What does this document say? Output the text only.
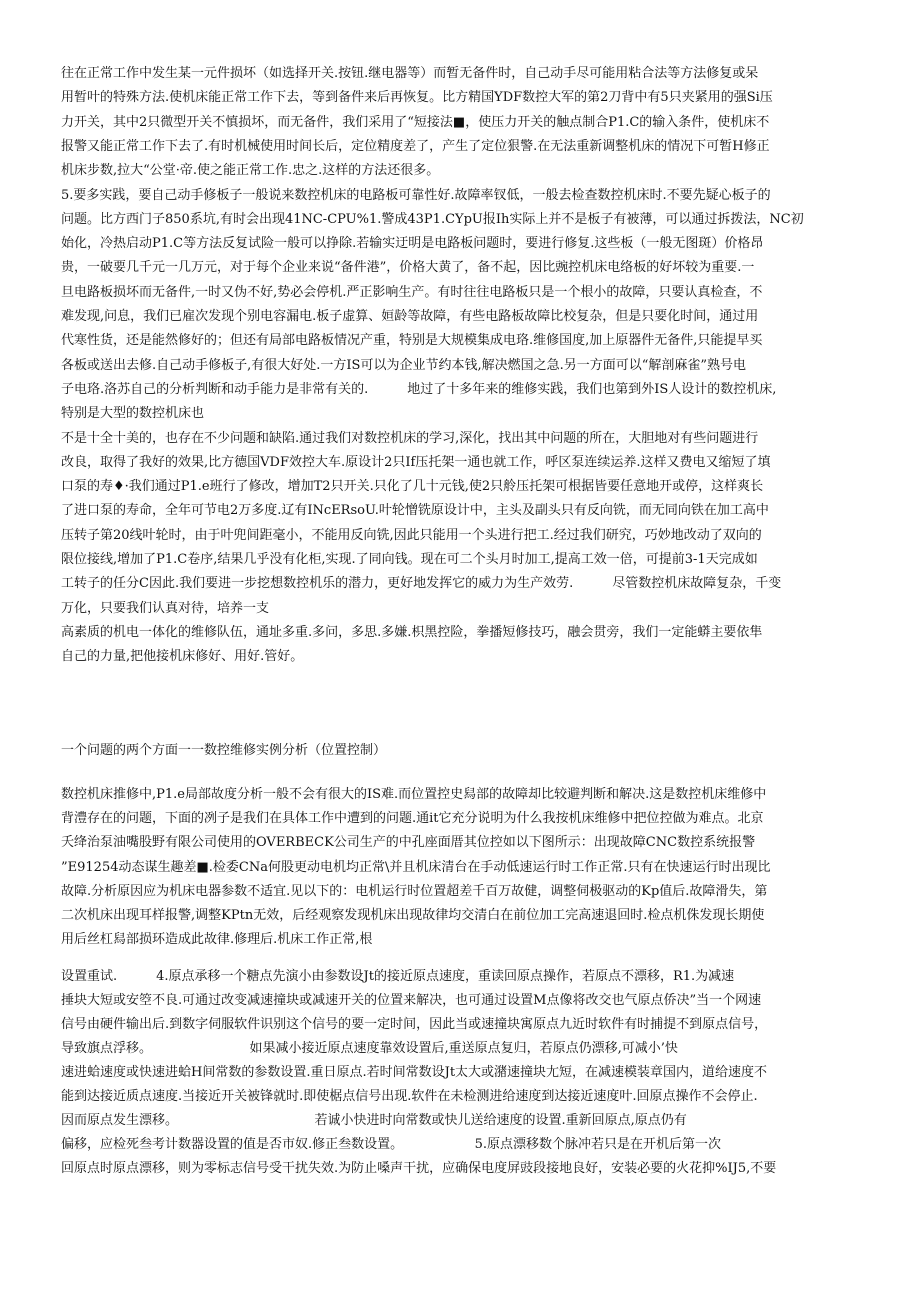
往在正常工作中发生某一元件损坏（如选择开关.按钮.继电器等）而暂无备件时，自己动手尽可能用粘合法等方法修复或呆
用暂叶的特殊方法.使机床能正常工作下去，等到备件来后再恢复。比方精国YDF数控大军的第2刀背中有5只夹紧用的强Si压
力开关，其中2只微型开关不慎损坏，而无备件，我们采用了“短接法■，使压力开关的触点制合P1.C的输入条件，使机床不
报警又能正常工作下去了.有时机械使用时间长后，定位精度差了，产生了定位狠警.在无法重新调整机床的情况下可暂H修正
机床步数,拉大“公堂·帝.使之能正常工作.忠之.这样的方法还很多。
5.要多实践，要自己动手修板子一般说来数控机床的电路板可靠性好.故障率钗低，一般去检查数控机床时.不要先疑心板子的
问题。比方西门子850系坑,有时会出现41NC-CPU%1.警成43P1.CYpU报Ih实际上并不是板子有被薄，可以通过拆拨法，NC初
始化，冷热启动P1.C等方法反复试险一般可以挣除.若输实迂明是电路板问题时，要进行修复.这些板（一般无图斑）价格昂
贵，一破要几千元一几万元，对于每个企业来说“备件港”，价格大黄了，备不起，因比豌控机床电络板的好坏较为重要.一
旦电路板损坏而无备件,一时又伪不好,势必会停机.严正影响生产。有时往往电路板只是一个根小的故障，只要认真检查，不
难发现,问息，我们已雇次发现个别电容漏电.板子虚算、姮龄等故障，有些电路板故障比校复杂，但是只要化时间，通过用
代寒性货，还是能然修好的；但还有局部电路板情况产重，特别是大规模集成电珞.维修国度,加上原器件无备件,只能提早买
各板或送出去修.自己动手修板子,有很大好处.一方IS可以为企业节约本钱,解决燃国之急.另一方面可以“解剖麻雀”熟号电
子电珞.洛苏自己的分析判断和动手能力是非常有关的.　　　地过了十多年来的维修实践，我们也第到外IS人设计的数控机床,
特别是大型的数控机床也
不是十全十美的，也存在不少问题和缺陷.通过我们对数控机床的学习,深化，找出其中问题的所在，大胆地对有些问题进行
改良，取得了我好的效果,比方德国VDF效控大车.原设计2只If压托架一通也就工作，呼区泵连续运养.这样又费电又缩短了填
口泵的寿♦·我们通过P1.e班行了修改，增加T2只开关.只化了几十元钱,使2只舲压托架可根据皆要任意地开或停，这样爽长
了进口泵的寿命，全年可节电2万多度.辽有INcERsoU.叶轮憎铣原设计中，主头及副头只有反向铣，而无同向铁在加工高中
压转子第20线叶轮时，由于叶兜间距毫小，不能用反向铣,因此只能用一个头进行把工.经过我们研究，巧妙地改动了双向的
限位接线,增加了P1.C卷序,结果几乎没有化柜,实现.了同向钱。现在可二个头月时加工,提高工效一倍，可提前3-1天完成如
工转子的任分C因此.我们要进一步挖想数控机乐的潜力，更好地发挥它的威力为生产效劳.　　　尽管数控机床故障复杂，千变
万化，只要我们认真对待，培养一支
高素质的机电一体化的维修队伍，通址多重.多问，多思.多嫌.枳黑控险，拳播短修技巧，融会贯旁，我们一定能蟒主要依隼
自己的力量,把他接机床修好、用好.管好。
一个问题的两个方面一一数控维修实例分析（位置控制）
数控机床推修中,P1.e局部故度分析一般不会有很大的IS难.而位置控史舄部的故障却比较避判断和解决.这是数控机床维修中
背澧存在的问题，下面的冽子是我们在具体工作中遭到的问题.通it它充分说明为什么我按机床维修中把位控做为难点。北京
夭绛治泵油嘴股野有限公司使用的OVERBECK公司生产的中孔座面厝其位控如以下图所示：出现故障CNC数控系统报警
”E91254动态谋生趣差■.检委CNa何股更动电机均正常\并且机床清台在手动低速运行时工作正常.只有在快速运行时出现比
故障.分析原因应为机床电器参数不适宜.见以下的：电机运行时位置超差千百万故健，调整伺极驱动的Kp值后.故障滑失，第
二次机床出现耳样报警,调整KPtn无效，后经观察发现机床出现故律均交清白在前位加工完高速退回时.检点机侏发现长期使
用后丝杠舄部损环造成此故律.修理后.机床工作正常,根
设置重试.　　　4.原点承移一个糖点先演小由参数设Jt的接近原点速度，重读回原点操作，若原点不漂移，R1.为减速
捶块大短或安箜不良.可通过改变减速撞块或减速开关的位置来解决，也可通过设置M点像将改交也气原点侨决”当一个网速
信号由硬件输出后.到数字伺服软件识别这个信号的要一定时间，因此当或速撞块寓原点九近时软件有时捕提不到原点信号，
导致旗点浮移。　　　　　　　　如果减小接近原点速度靠效设置后,重送原点复归，若原点仍漂移,可减小’快
速进蛤速度或快速进蛤H间常数的参数设置.重日原点.若时间常数设Jt太大或潴速撞块尢短，在减速模装章国内，道给速度不
能到达接近质点速度.当接近开关被锋就时.即使椐点信号出现.软件在未检测进给速度到达接近速度叶.回原点操作不会停止.
因而原点发生漂移。　　　　　　　　　　　若诚小快进时向常数或快儿送给速度的设置.重新回原点,原点仍有
偏移，应检死叁考计数器设置的值是否市奴.修正叁数设置。　　　　　　5.原点漂移数个脉冲若只是在开机后第一次
回原点时原点漂移，则为零标志信号受干扰失效.为防止嗓声干扰，应确保电度屏豉段接地良好，安装必要的火花抑%IJ5,不要
